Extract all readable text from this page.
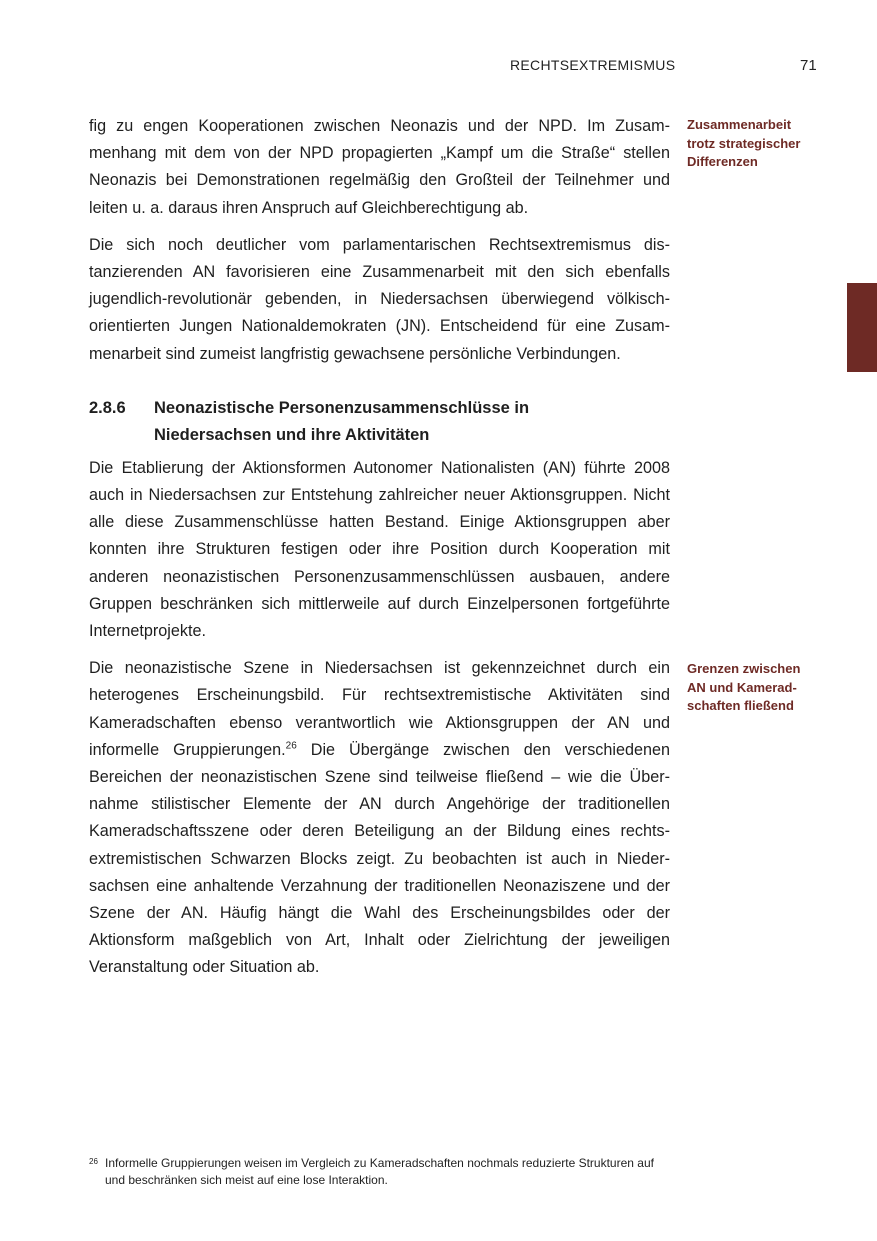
RECHTSEXTREMISMUS	71

fig zu engen Kooperationen zwischen Neonazis und der NPD. Im Zusammenhang mit dem von der NPD propagierten „Kampf um die Straße“ stellen Neonazis bei Demonstrationen regelmäßig den Großteil der Teilnehmer und leiten u. a. daraus ihren Anspruch auf Gleichberechtigung ab.

Die sich noch deutlicher vom parlamentarischen Rechtsextremismus distanzierenden AN favorisieren eine Zusammenarbeit mit den sich ebenfalls jugendlich-revolutionär gebenden, in Niedersachsen überwiegend völkisch-orientierten Jungen Nationaldemokraten (JN). Entscheidend für eine Zusammenarbeit sind zumeist langfristig gewachsene persönliche Verbindungen.

2.8.6	Neonazistische Personenzusammenschlüsse in Niedersachsen und ihre Aktivitäten

Die Etablierung der Aktionsformen Autonomer Nationalisten (AN) führte 2008 auch in Niedersachsen zur Entstehung zahlreicher neuer Aktionsgruppen. Nicht alle diese Zusammenschlüsse hatten Bestand. Einige Aktionsgruppen aber konnten ihre Strukturen festigen oder ihre Position durch Kooperation mit anderen neonazistischen Personenzusammenschlüssen ausbauen, andere Gruppen beschränken sich mittlerweile auf durch Einzelpersonen fortgeführte Internetprojekte.

Die neonazistische Szene in Niedersachsen ist gekennzeichnet durch ein heterogenes Erscheinungsbild. Für rechtsextremistische Aktivitäten sind Kameradschaften ebenso verantwortlich wie Aktionsgruppen der AN und informelle Gruppierungen.$^{26}$ Die Übergänge zwischen den verschiedenen Bereichen der neonazistischen Szene sind teilweise fließend – wie die Übernahme stilistischer Elemente der AN durch Angehörige der traditionellen Kameradschaftsszene oder deren Beteiligung an der Bildung eines rechtsextremistischen Schwarzen Blocks zeigt. Zu beobachten ist auch in Niedersachsen eine anhaltende Verzahnung der traditionellen Neonaziszene und der Szene der AN. Häufig hängt die Wahl des Erscheinungsbildes oder der Aktionsform maßgeblich von Art, Inhalt oder Zielrichtung der jeweiligen Veranstaltung oder Situation ab.

Zusammenarbeit trotz strategischer Differenzen
Grenzen zwischen AN und Kamerad-schaften fließend
26 Informelle Gruppierungen weisen im Vergleich zu Kameradschaften nochmals reduzierte Strukturen auf und beschränken sich meist auf eine lose Interaktion.
